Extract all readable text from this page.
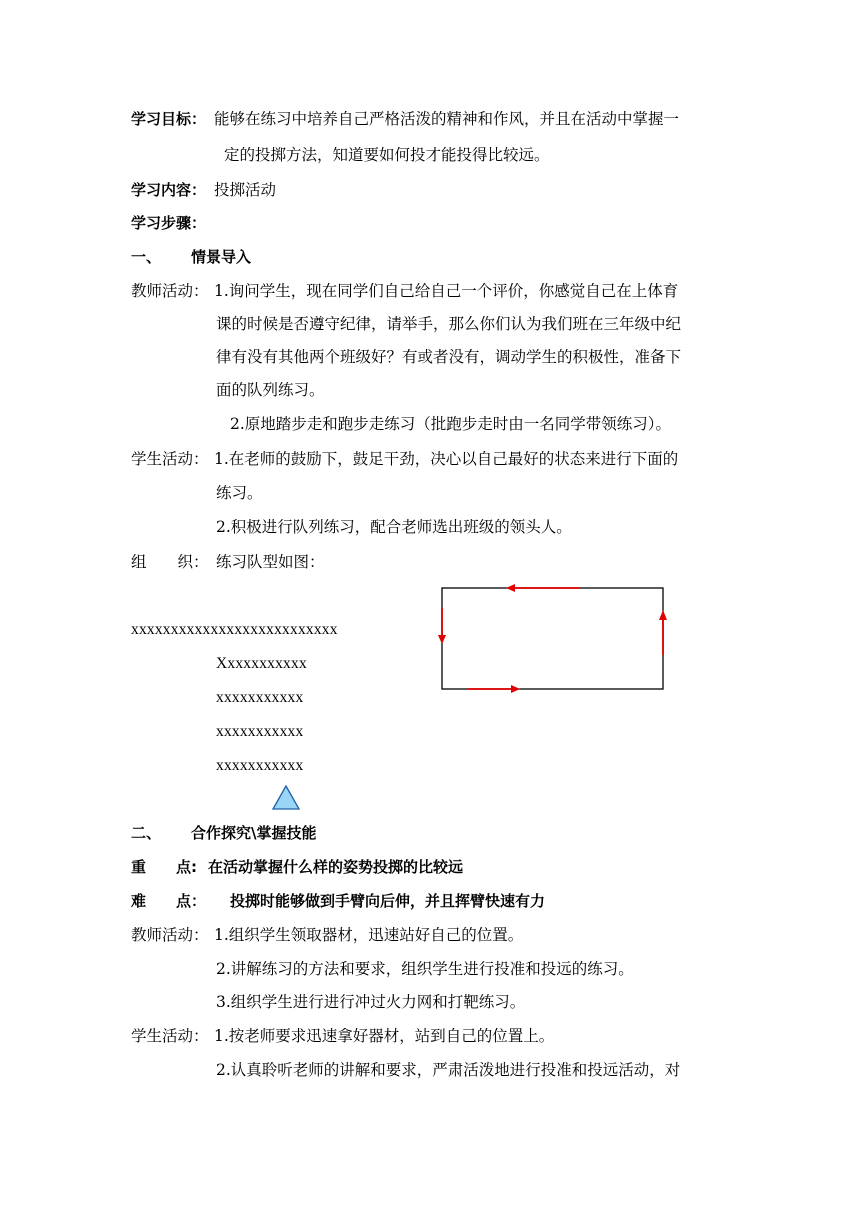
学习目标： 能够在练习中培养自己严格活泼的精神和作风，并且在活动中掌握一
定的投掷方法，知道要如何投才能投得比较远。
学习内容： 投掷活动
学习步骤：
一、 情景导入
教师活动： 1.询问学生，现在同学们自己给自己一个评价，你感觉自己在上体育
课的时候是否遵守纪律，请举手，那么你们认为我们班在三年级中纪
律有没有其他两个班级好？有或者没有，调动学生的积极性，准备下
面的队列练习。
2.原地踏步走和跑步走练习（批跑步走时由一名同学带领练习）。
学生活动： 1.在老师的鼓励下，鼓足干劲，决心以自己最好的状态来进行下面的
练习。
2.积极进行队列练习，配合老师选出班级的领头人。
组　　织： 练习队型如图：
xxxxxxxxxxxxxxxxxxxxxxxxxx
Xxxxxxxxxxx
xxxxxxxxxxx
xxxxxxxxxxx
xxxxxxxxxxx
二、 合作探究\掌握技能
重　　点: 在活动掌握什么样的姿势投掷的比较远
难　　点： 投掷时能够做到手臂向后伸，并且挥臂快速有力
教师活动： 1.组织学生领取器材，迅速站好自己的位置。
2.讲解练习的方法和要求，组织学生进行投准和投远的练习。
3.组织学生进行进行冲过火力网和打靶练习。
学生活动： 1.按老师要求迅速拿好器材，站到自己的位置上。
2.认真聆听老师的讲解和要求，严肃活泼地进行投准和投远活动，对
